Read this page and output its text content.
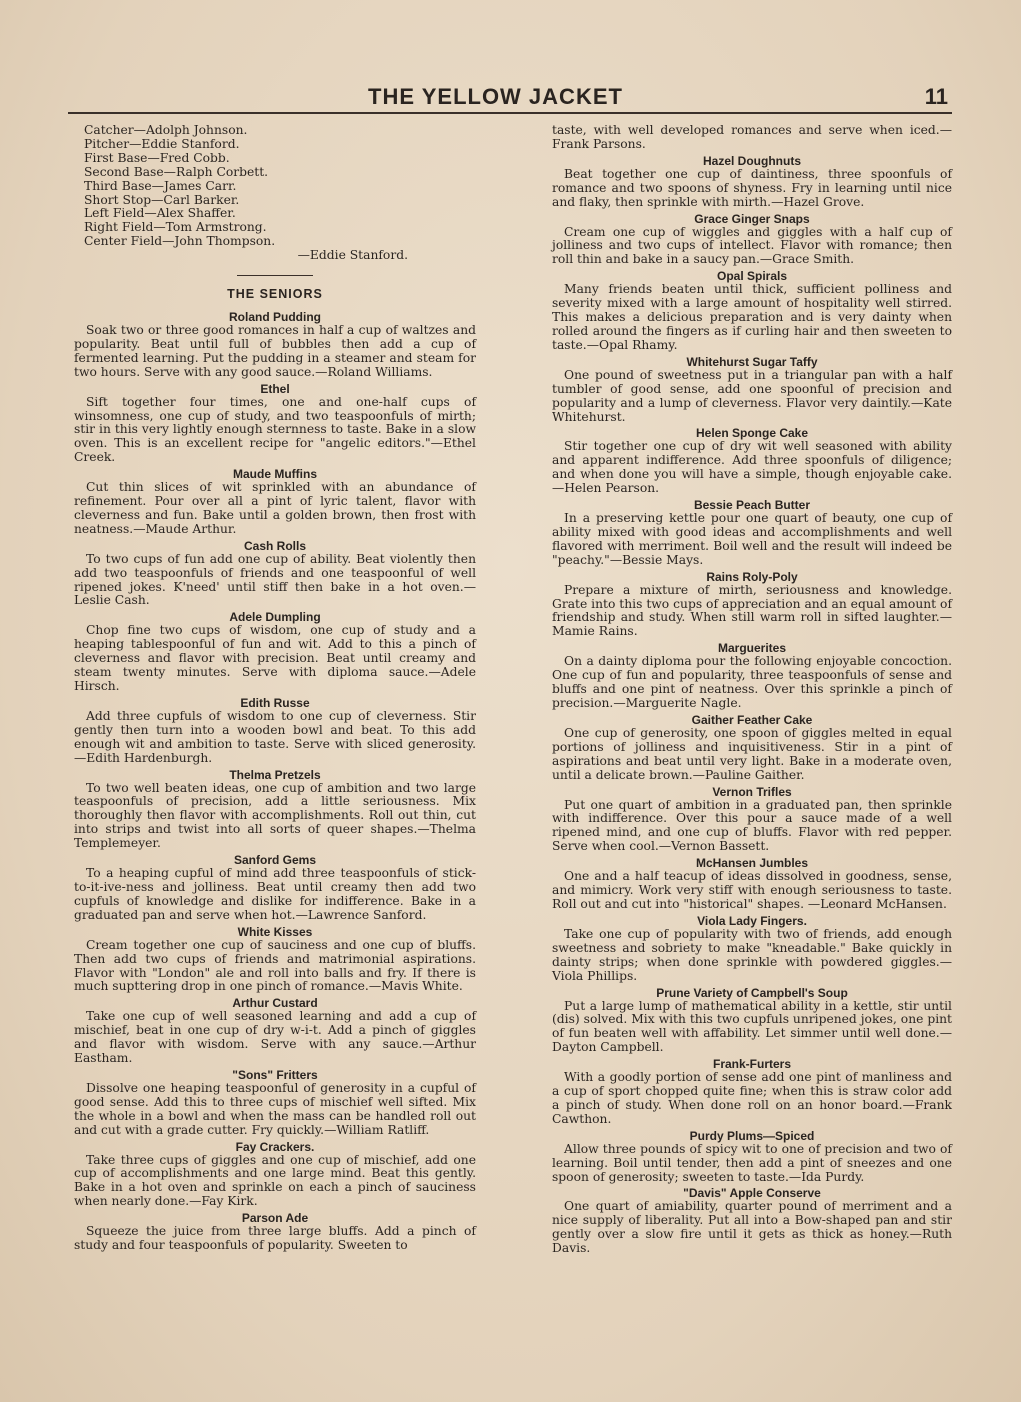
THE YELLOW JACKET	11

Catcher—Adolph Johnson.

Pitcher—Eddie Stanford.

First Base—Fred Cobb.

Second Base—Ralph Corbett.

Third Base—James Carr.

Short Stop—Carl Barker.

Left Field—Alex Shaffer.

Right Field—Tom Armstrong.

Center Field—John Thompson.

—Eddie Stanford.

THE SENIORS
Roland Pudding

Soak two or three good romances in half a cup of waltzes and popularity. Beat until full of bubbles then add a cup of fermented learning. Put the pudding in a steamer and steam for two hours. Serve with any good sauce.—Roland Williams.

Ethel

Sift together four times, one and one-half cups of winsomness, one cup of study, and two teaspoonfuls of mirth; stir in this very lightly enough sternness to taste. Bake in a slow oven. This is an excellent recipe for "angelic editors."—Ethel Creek.

Maude Muffins

Cut thin slices of wit sprinkled with an abundance of refinement. Pour over all a pint of lyric talent, flavor with cleverness and fun. Bake until a golden brown, then frost with neatness.—Maude Arthur.

Cash Rolls

To two cups of fun add one cup of ability. Beat violently then add two teaspoonfuls of friends and one teaspoonful of well ripened jokes. K'need' until stiff then bake in a hot oven.—Leslie Cash.

Adele Dumpling

Chop fine two cups of wisdom, one cup of study and a heaping tablespoonful of fun and wit. Add to this a pinch of cleverness and flavor with precision. Beat until creamy and steam twenty minutes. Serve with diploma sauce.—Adele Hirsch.

Edith Russe

Add three cupfuls of wisdom to one cup of cleverness. Stir gently then turn into a wooden bowl and beat. To this add enough wit and ambition to taste. Serve with sliced generosity.—Edith Hardenburgh.

Thelma Pretzels

To two well beaten ideas, one cup of ambition and two large teaspoonfuls of precision, add a little seriousness. Mix thoroughly then flavor with accomplishments. Roll out thin, cut into strips and twist into all sorts of queer shapes.—Thelma Templemeyer.

Sanford Gems

To a heaping cupful of mind add three teaspoonfuls of stick-to-it-ive-ness and jolliness. Beat until creamy then add two cupfuls of knowledge and dislike for indifference. Bake in a graduated pan and serve when hot.—Lawrence Sanford.

White Kisses

Cream together one cup of sauciness and one cup of bluffs. Then add two cups of friends and matrimonial aspirations. Flavor with "London" ale and roll into balls and fry. If there is much supttering drop in one pinch of romance.—Mavis White.

Arthur Custard

Take one cup of well seasoned learning and add a cup of mischief, beat in one cup of dry w-i-t. Add a pinch of giggles and flavor with wisdom. Serve with any sauce.—Arthur Eastham.

"Sons" Fritters

Dissolve one heaping teaspoonful of generosity in a cupful of good sense. Add this to three cups of mischief well sifted. Mix the whole in a bowl and when the mass can be handled roll out and cut with a grade cutter. Fry quickly.—William Ratliff.

Fay Crackers.

Take three cups of giggles and one cup of mischief, add one cup of accomplishments and one large mind. Beat this gently. Bake in a hot oven and sprinkle on each a pinch of sauciness when nearly done.—Fay Kirk.

Parson Ade

Squeeze the juice from three large bluffs. Add a pinch of study and four teaspoonfuls of popularity. Sweeten to

taste, with well developed romances and serve when iced.—Frank Parsons.

Hazel Doughnuts

Beat together one cup of daintiness, three spoonfuls of romance and two spoons of shyness. Fry in learning until nice and flaky, then sprinkle with mirth.—Hazel Grove.

Grace Ginger Snaps

Cream one cup of wiggles and giggles with a half cup of jolliness and two cups of intellect. Flavor with romance; then roll thin and bake in a saucy pan.—Grace Smith.

Opal Spirals

Many friends beaten until thick, sufficient polliness and severity mixed with a large amount of hospitality well stirred. This makes a delicious preparation and is very dainty when rolled around the fingers as if curling hair and then sweeten to taste.—Opal Rhamy.

Whitehurst Sugar Taffy

One pound of sweetness put in a triangular pan with a half tumbler of good sense, add one spoonful of precision and popularity and a lump of cleverness. Flavor very daintily.—Kate Whitehurst.

Helen Sponge Cake

Stir together one cup of dry wit well seasoned with ability and apparent indifference. Add three spoonfuls of diligence; and when done you will have a simple, though enjoyable cake.—Helen Pearson.

Bessie Peach Butter

In a preserving kettle pour one quart of beauty, one cup of ability mixed with good ideas and accomplishments and well flavored with merriment. Boil well and the result will indeed be "peachy."—Bessie Mays.

Rains Roly-Poly

Prepare a mixture of mirth, seriousness and knowledge. Grate into this two cups of appreciation and an equal amount of friendship and study. When still warm roll in sifted laughter.—Mamie Rains.

Marguerites

On a dainty diploma pour the following enjoyable concoction. One cup of fun and popularity, three teaspoonfuls of sense and bluffs and one pint of neatness. Over this sprinkle a pinch of precision.—Marguerite Nagle.

Gaither Feather Cake

One cup of generosity, one spoon of giggles melted in equal portions of jolliness and inquisitiveness. Stir in a pint of aspirations and beat until very light. Bake in a moderate oven, until a delicate brown.—Pauline Gaither.

Vernon Trifles

Put one quart of ambition in a graduated pan, then sprinkle with indifference. Over this pour a sauce made of a well ripened mind, and one cup of bluffs. Flavor with red pepper. Serve when cool.—Vernon Bassett.

McHansen Jumbles

One and a half teacup of ideas dissolved in goodness, sense, and mimicry. Work very stiff with enough seriousness to taste. Roll out and cut into "historical" shapes. —Leonard McHansen.

Viola Lady Fingers.

Take one cup of popularity with two of friends, add enough sweetness and sobriety to make "kneadable." Bake quickly in dainty strips; when done sprinkle with powdered giggles.—Viola Phillips.

Prune Variety of Campbell's Soup

Put a large lump of mathematical ability in a kettle, stir until (dis) solved. Mix with this two cupfuls unripened jokes, one pint of fun beaten well with affability. Let simmer until well done.—Dayton Campbell.

Frank-Furters

With a goodly portion of sense add one pint of manliness and a cup of sport chopped quite fine; when this is straw color add a pinch of study. When done roll on an honor board.—Frank Cawthon.

Purdy Plums—Spiced

Allow three pounds of spicy wit to one of precision and two of learning. Boil until tender, then add a pint of sneezes and one spoon of generosity; sweeten to taste.—Ida Purdy.

"Davis" Apple Conserve

One quart of amiability, quarter pound of merriment and a nice supply of liberality. Put all into a Bow-shaped pan and stir gently over a slow fire until it gets as thick as honey.—Ruth Davis.
